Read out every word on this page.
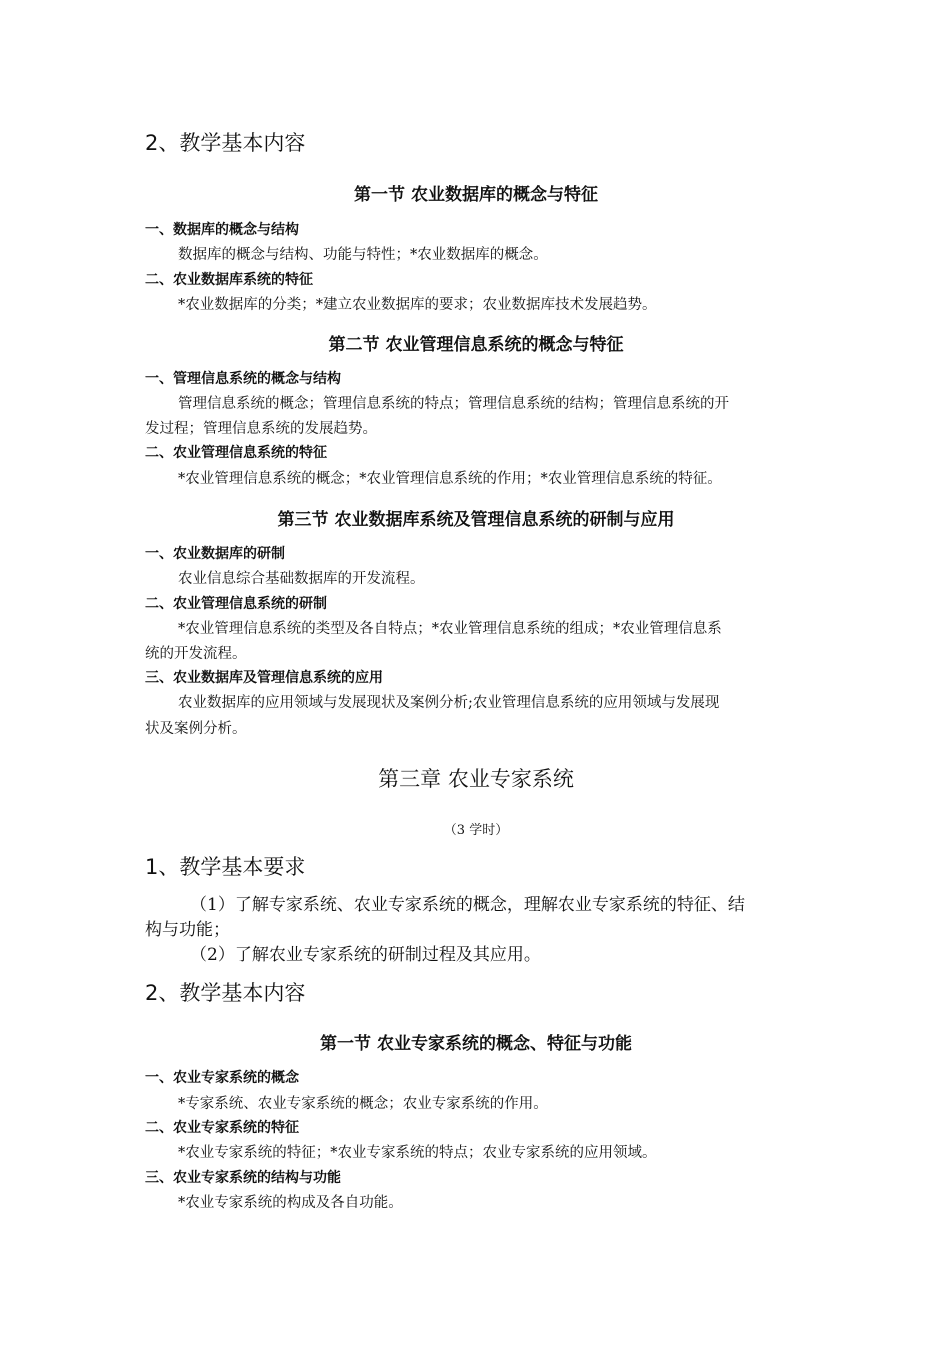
2、教学基本内容
第一节 农业数据库的概念与特征
一、数据库的概念与结构
数据库的概念与结构、功能与特性；*农业数据库的概念。
二、农业数据库系统的特征
*农业数据库的分类；*建立农业数据库的要求；农业数据库技术发展趋势。
第二节 农业管理信息系统的概念与特征
一、管理信息系统的概念与结构
管理信息系统的概念；管理信息系统的特点；管理信息系统的结构；管理信息系统的开
发过程；管理信息系统的发展趋势。
二、农业管理信息系统的特征
*农业管理信息系统的概念；*农业管理信息系统的作用；*农业管理信息系统的特征。
第三节 农业数据库系统及管理信息系统的研制与应用
一、农业数据库的研制
农业信息综合基础数据库的开发流程。
二、农业管理信息系统的研制
*农业管理信息系统的类型及各自特点；*农业管理信息系统的组成；*农业管理信息系
统的开发流程。
三、农业数据库及管理信息系统的应用
农业数据库的应用领域与发展现状及案例分析;农业管理信息系统的应用领域与发展现
状及案例分析。
第三章 农业专家系统
（3 学时）
1、教学基本要求
（1）了解专家系统、农业专家系统的概念，理解农业专家系统的特征、结
构与功能；
（2）了解农业专家系统的研制过程及其应用。
2、教学基本内容
第一节 农业专家系统的概念、特征与功能
一、农业专家系统的概念
*专家系统、农业专家系统的概念；农业专家系统的作用。
二、农业专家系统的特征
*农业专家系统的特征；*农业专家系统的特点；农业专家系统的应用领域。
三、农业专家系统的结构与功能
*农业专家系统的构成及各自功能。
